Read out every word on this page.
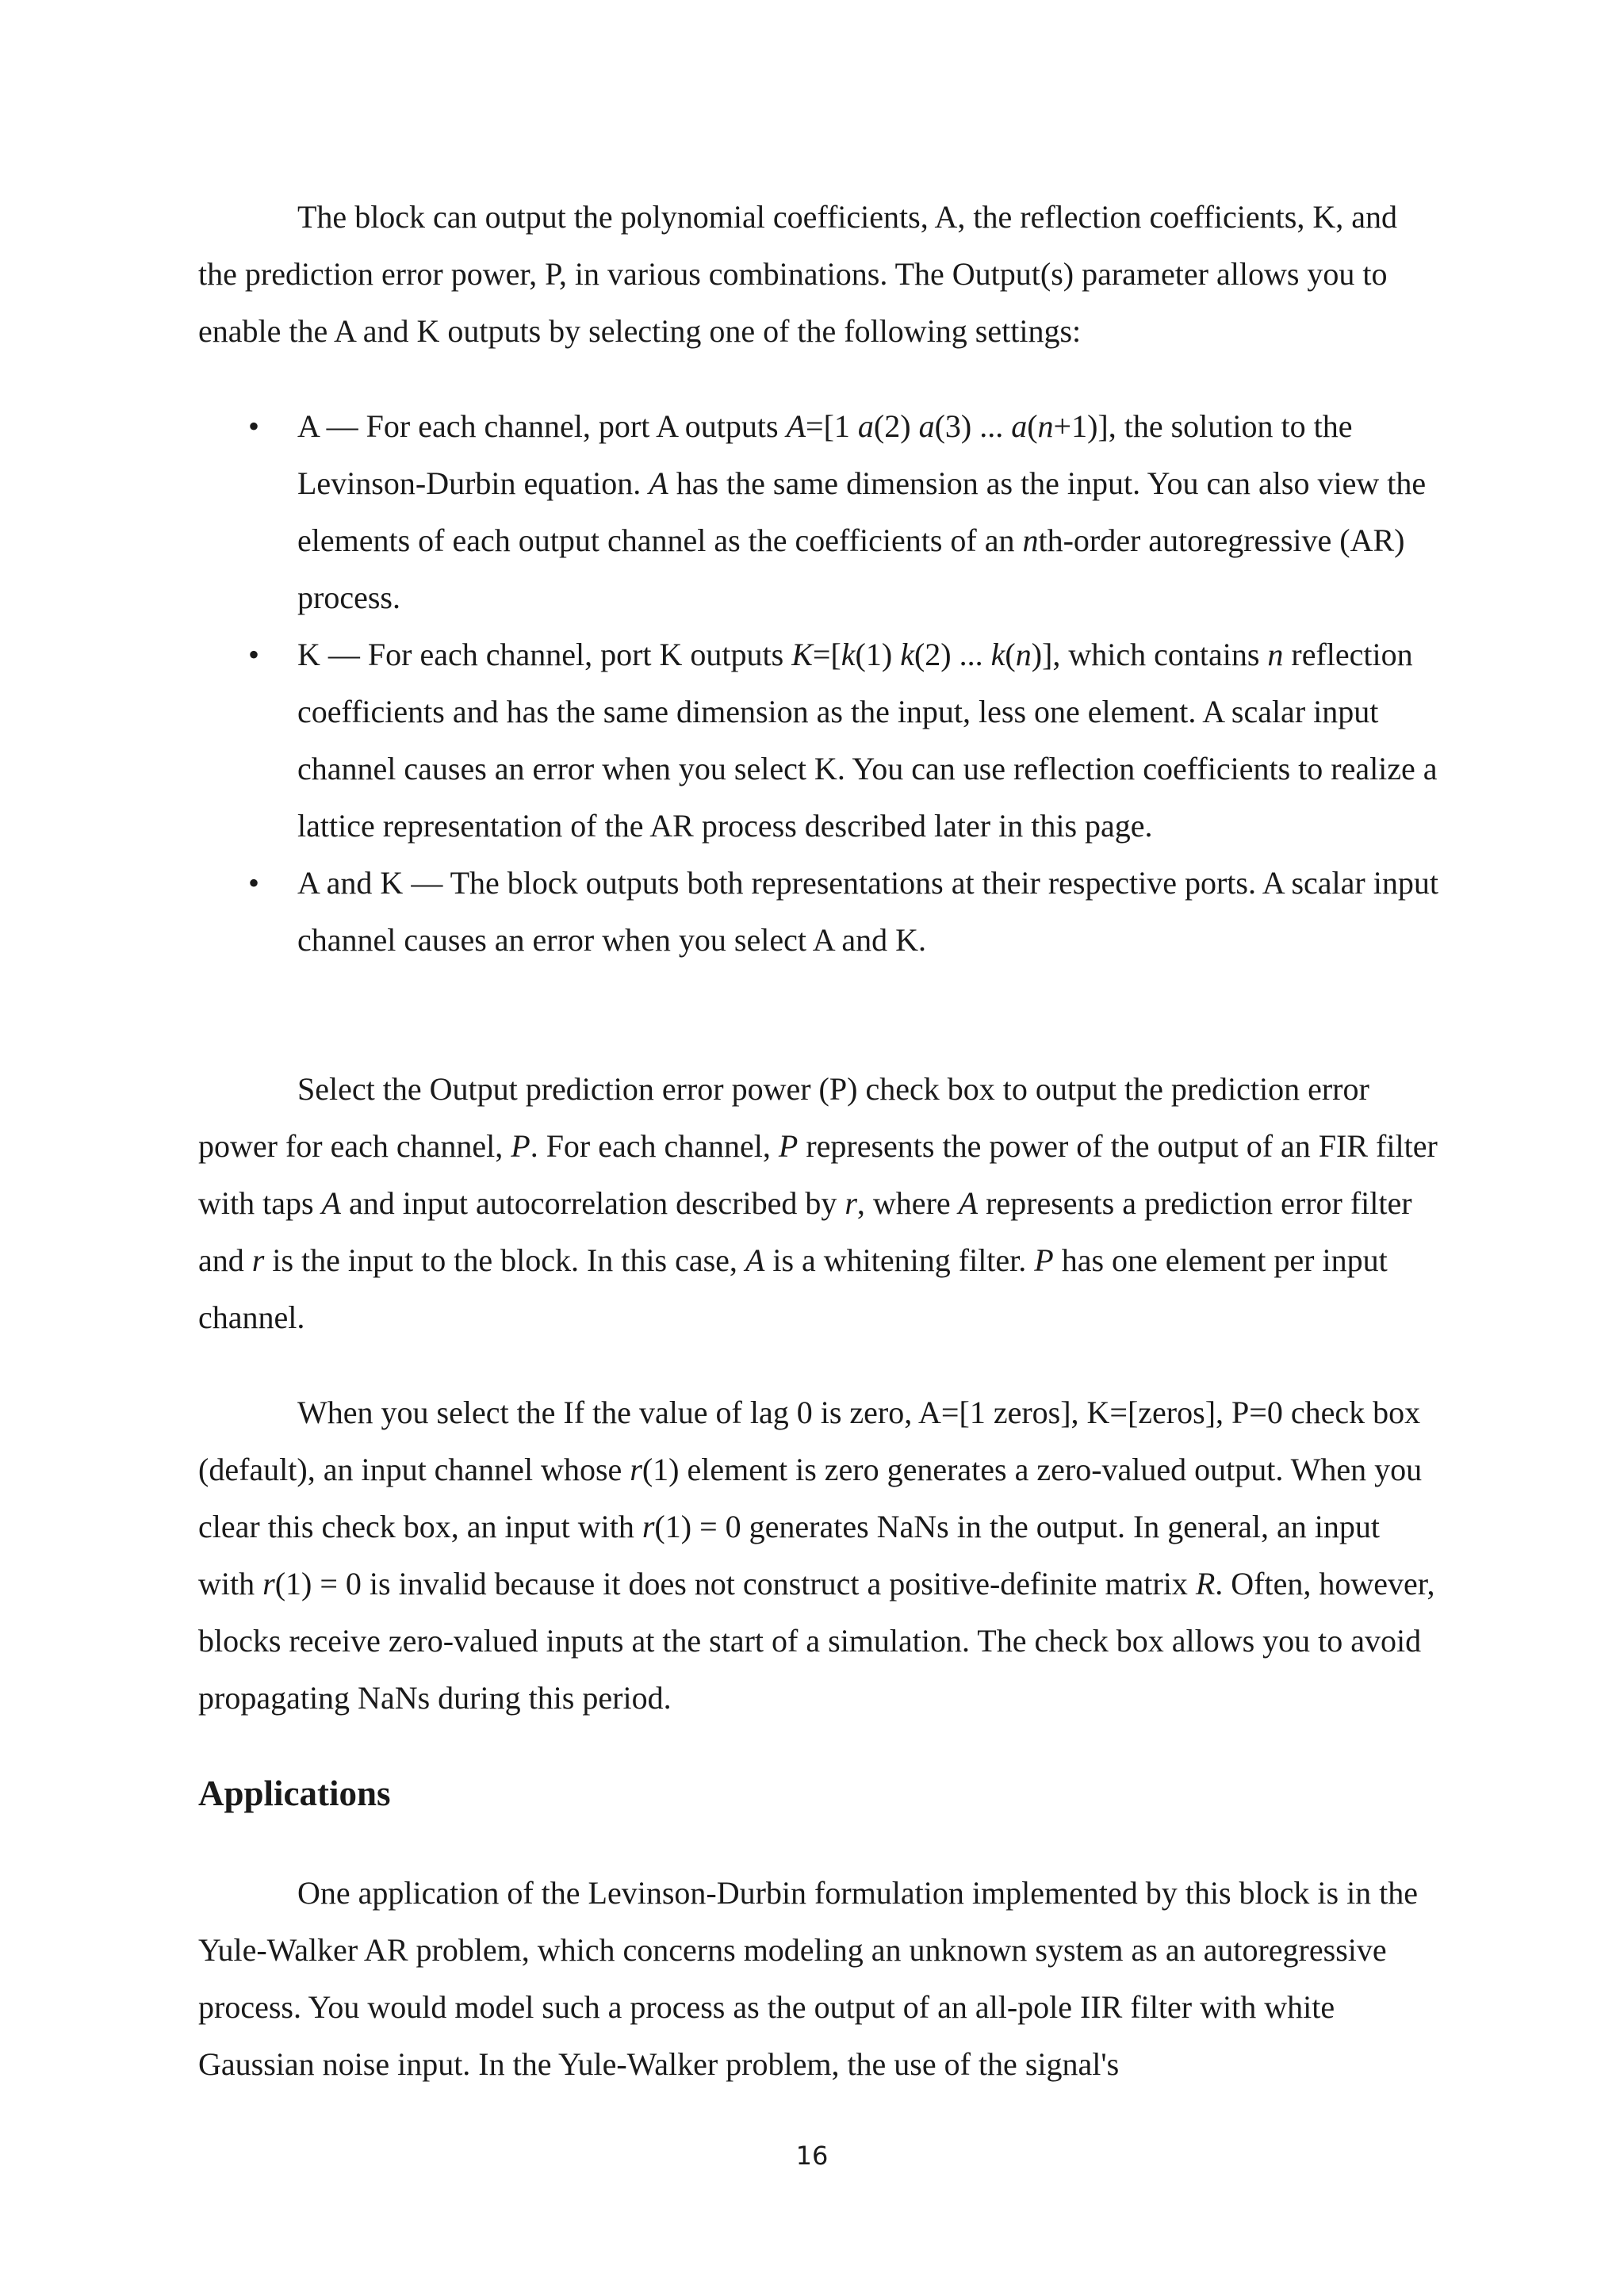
The block can output the polynomial coefficients, A, the reflection coefficients, K, and the prediction error power, P, in various combinations. The Output(s) parameter allows you to enable the A and K outputs by selecting one of the following settings:

• A — For each channel, port A outputs A=[1 a(2) a(3) ... a(n+1)], the solution to the Levinson-Durbin equation. A has the same dimension as the input. You can also view the elements of each output channel as the coefficients of an nth-order autoregressive (AR) process.
• K — For each channel, port K outputs K=[k(1) k(2) ... k(n)], which contains n reflection coefficients and has the same dimension as the input, less one element. A scalar input channel causes an error when you select K. You can use reflection coefficients to realize a lattice representation of the AR process described later in this page.
• A and K — The block outputs both representations at their respective ports. A scalar input channel causes an error when you select A and K.

Select the Output prediction error power (P) check box to output the prediction error power for each channel, P. For each channel, P represents the power of the output of an FIR filter with taps A and input autocorrelation described by r, where A represents a prediction error filter and r is the input to the block. In this case, A is a whitening filter. P has one element per input channel.

When you select the If the value of lag 0 is zero, A=[1 zeros], K=[zeros], P=0 check box (default), an input channel whose r(1) element is zero generates a zero-valued output. When you clear this check box, an input with r(1) = 0 generates NaNs in the output. In general, an input with r(1) = 0 is invalid because it does not construct a positive-definite matrix R. Often, however, blocks receive zero-valued inputs at the start of a simulation. The check box allows you to avoid propagating NaNs during this period.

Applications

One application of the Levinson-Durbin formulation implemented by this block is in the Yule-Walker AR problem, which concerns modeling an unknown system as an autoregressive process. You would model such a process as the output of an all-pole IIR filter with white Gaussian noise input. In the Yule-Walker problem, the use of the signal's

16
